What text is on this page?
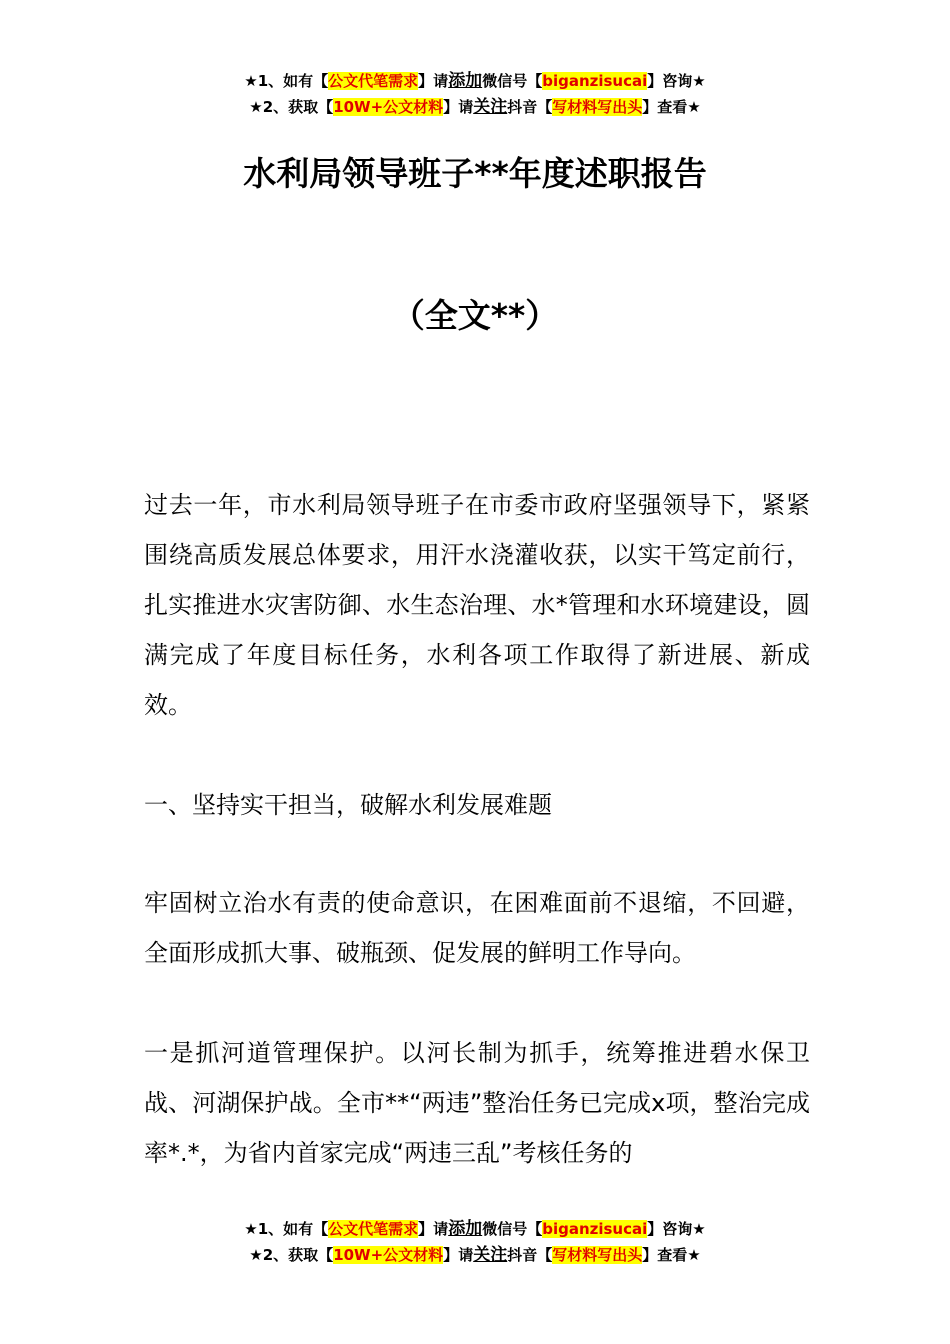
★1、如有【公文代笔需求】请添加微信号【biganzisucai】咨询★
★2、获取【10W+公文材料】请关注抖音【写材料写出头】查看★
水利局领导班子**年度述职报告
（全文**）
过去一年，市水利局领导班子在市委市政府坚强领导下，紧紧围绕高质发展总体要求，用汗水浇灌收获，以实干笃定前行，扎实推进水灾害防御、水生态治理、水*管理和水环境建设，圆满完成了年度目标任务，水利各项工作取得了新进展、新成效。
一、坚持实干担当，破解水利发展难题
牢固树立治水有责的使命意识，在困难面前不退缩，不回避，全面形成抓大事、破瓶颈、促发展的鲜明工作导向。
一是抓河道管理保护。以河长制为抓手，统筹推进碧水保卫战、河湖保护战。全市**“两违”整治任务已完成x项，整治完成率*.*，为省内首家完成“两违三乱”考核任务的
★1、如有【公文代笔需求】请添加微信号【biganzisucai】咨询★
★2、获取【10W+公文材料】请关注抖音【写材料写出头】查看★
